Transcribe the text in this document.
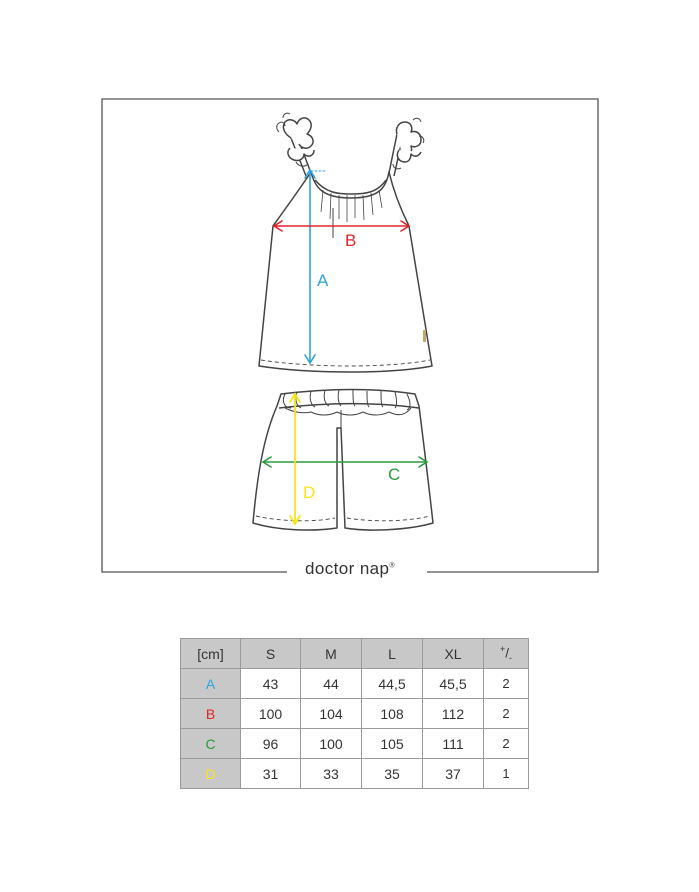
A
B
C
D
doctor nap®
[cm]	S	M	L	XL	$^+/_-$
A	43	44	44,5	45,5	2
B	100	104	108	112	2
C	96	100	105	111	2
D	31	33	35	37	1
